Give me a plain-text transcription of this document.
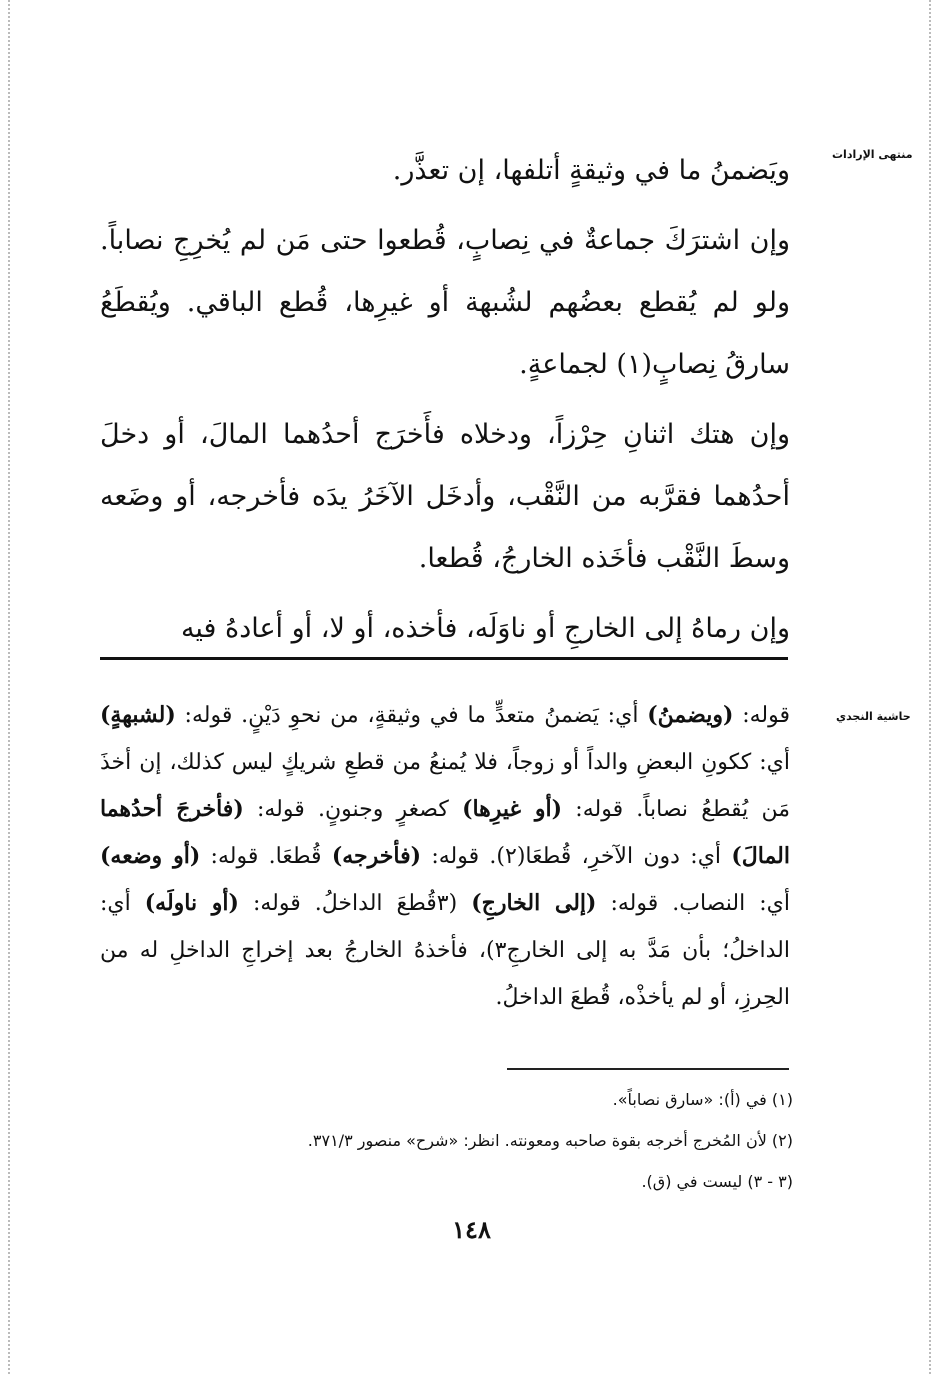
منتهى الإرادات
حاشية النجدي

ويَضمنُ ما في وثيقةٍ أتلفها، إن تعذَّر.

وإن اشترَكَ جماعةٌ في نِصابٍ، قُطعوا حتى مَن لم يُخرِجِ نصاباً. ولو لم يُقطع بعضُهم لشُبهة أو غيرِها، قُطع الباقي. ويُقطَعُ سارقُ نِصابٍ(١) لجماعةٍ.

وإن هتك اثنانِ حِرْزاً، ودخلاه فأَخرَج أحدُهما المالَ، أو دخلَ أحدُهما فقرَّبه من النَّقْب، وأدخَل الآخَرُ يدَه فأخرجه، أو وضَعه وسطَ النَّقْب فأخَذه الخارجُ، قُطعا.

وإن رماهُ إلى الخارجِ أو ناوَلَه، فأخذه، أو لا، أو أعادهُ فيه

قوله: (ويضمنُ) أي: يَضمنُ متعدٍّ ما في وثيقةٍ، من نحوِ دَيْنٍ. قوله: (لشبهةٍ) أي: ككونِ البعضِ والداً أو زوجاً، فلا يُمنعُ من قطعِ شريكٍ ليس كذلك، إن أخذَ مَن يُقطعُ نصاباً. قوله: (أو غيرِها) كصغرٍ وجنونٍ. قوله: (فأخرجَ أحدُهما المالَ) أي: دون الآخرِ، قُطعَا(٢). قوله: (فأخرجه) قُطعَا. قوله: (أو وضعه) أي: النصاب. قوله: (إلى الخارجِ) (٣قُطعَ الداخلُ. قوله: (أو ناولَه) أي: الداخلُ؛ بأن مَدَّ به إلى الخارجِ٣)، فأخذهُ الخارجُ بعد إخراجِ الداخلِ له من الحِرزِ، أو لم يأخذْه، قُطعَ الداخلُ.
(١) في (أ): «سارق نصاباً».
(٢) لأن المُخرج أخرجه بقوة صاحبه ومعونته. انظر: «شرح» منصور ٣٧١/٣.
(٣ - ٣) ليست في (ق).
١٤٨
